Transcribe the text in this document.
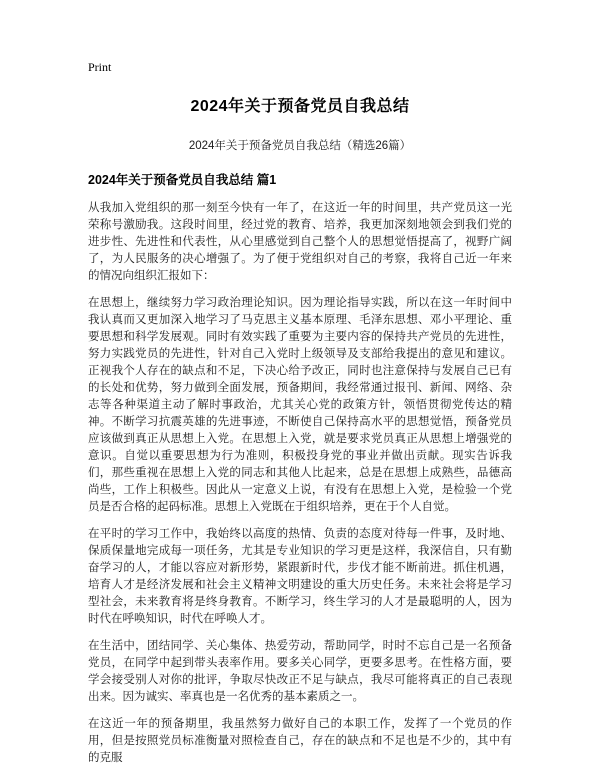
Print
2024年关于预备党员自我总结
2024年关于预备党员自我总结（精选26篇）
2024年关于预备党员自我总结 篇1

从我加入党组织的那一刻至今快有一年了，在这近一年的时间里，共产党员这一光荣称号激励我。这段时间里，经过党的教育、培养，我更加深刻地领会到我们党的进步性、先进性和代表性，从心里感觉到自己整个人的思想觉悟提高了，视野广阔了，为人民服务的决心增强了。为了便于党组织对自己的考察，我将自己近一年来的情况向组织汇报如下：

在思想上，继续努力学习政治理论知识。因为理论指导实践，所以在这一年时间中我认真而又更加深入地学习了马克思主义基本原理、毛泽东思想、邓小平理论、重要思想和科学发展观。同时有效实践了重要为主要内容的保持共产党员的先进性，努力实践党员的先进性，针对自己入党时上级领导及支部给我提出的意见和建议。正视我个人存在的缺点和不足，下决心给予改正，同时也注意保持与发展自己已有的长处和优势，努力做到全面发展，预备期间，我经常通过报刊、新闻、网络、杂志等各种渠道主动了解时事政治，尤其关心党的政策方针，领悟贯彻党传达的精神。不断学习抗震英雄的先进事迹，不断使自己保持高水平的思想觉悟，预备党员应该做到真正从思想上入党。在思想上入党，就是要求党员真正从思想上增强党的意识。自觉以重要思想为行为准则，积极投身党的事业并做出贡献。现实告诉我们，那些重视在思想上入党的同志和其他人比起来，总是在思想上成熟些，品德高尚些，工作上积极些。因此从一定意义上说，有没有在思想上入党，是检验一个党员是否合格的起码标准。思想上入党既在于组织培养，更在于个人自觉。

在平时的学习工作中，我始终以高度的热情、负责的态度对待每一件事，及时地、保质保量地完成每一项任务，尤其是专业知识的学习更是这样，我深信自，只有勤奋学习的人，才能以容应对新形势，紧跟新时代，步伐才能不断前进。抓住机遇，培育人才是经济发展和社会主义精神文明建设的重大历史任务。未来社会将是学习型社会，未来教育将是终身教育。不断学习，终生学习的人才是最聪明的人，因为时代在呼唤知识，时代在呼唤人才。

在生活中，团结同学、关心集体、热爱劳动，帮助同学，时时不忘自己是一名预备党员，在同学中起到带头表率作用。要多关心同学，更要多思考。在性格方面，要学会接受别人对你的批评，争取尽快改正不足与缺点，我尽可能将真正的自己表现出来。因为诚实、率真也是一名优秀的基本素质之一。

在这近一年的预备期里，我虽然努力做好自己的本职工作，发挥了一个党员的作用，但是按照党员标准衡量对照检查自己，存在的缺点和不足也是不少的，其中有的克服
